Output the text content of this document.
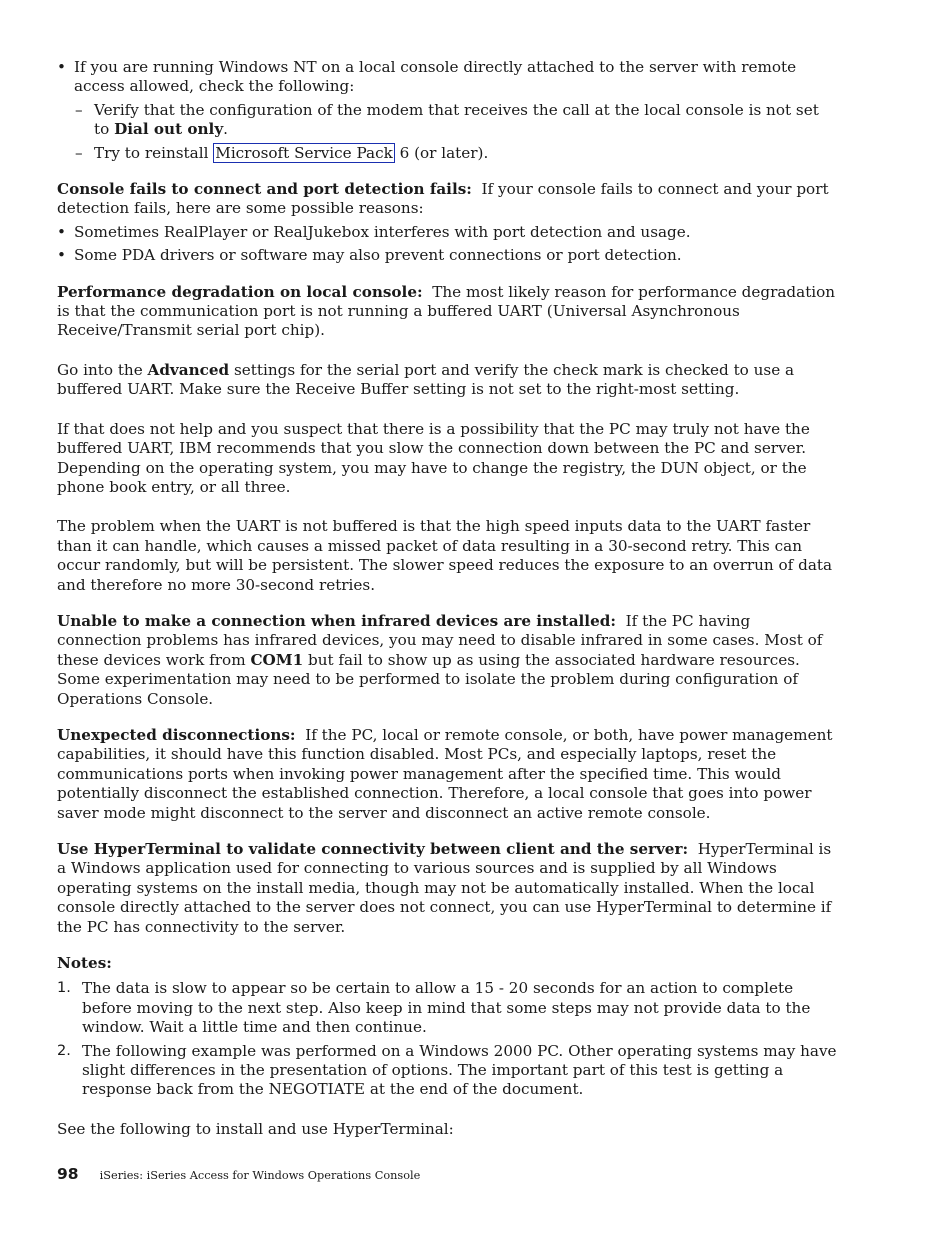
• If you are running Windows NT on a local console directly attached to the server with remote access allowed, check the following:
– Verify that the configuration of the modem that receives the call at the local console is not set to Dial out only.
– Try to reinstall Microsoft Service Pack 6 (or later).

Console fails to connect and port detection fails: If your console fails to connect and your port detection fails, here are some possible reasons:

• Sometimes RealPlayer or RealJukebox interferes with port detection and usage.
• Some PDA drivers or software may also prevent connections or port detection.

Performance degradation on local console: The most likely reason for performance degradation is that the communication port is not running a buffered UART (Universal Asynchronous Receive/Transmit serial port chip).

Go into the Advanced settings for the serial port and verify the check mark is checked to use a buffered UART. Make sure the Receive Buffer setting is not set to the right-most setting.

If that does not help and you suspect that there is a possibility that the PC may truly not have the buffered UART, IBM recommends that you slow the connection down between the PC and server. Depending on the operating system, you may have to change the registry, the DUN object, or the phone book entry, or all three.

The problem when the UART is not buffered is that the high speed inputs data to the UART faster than it can handle, which causes a missed packet of data resulting in a 30-second retry. This can occur randomly, but will be persistent. The slower speed reduces the exposure to an overrun of data and therefore no more 30-second retries.

Unable to make a connection when infrared devices are installed: If the PC having connection problems has infrared devices, you may need to disable infrared in some cases. Most of these devices work from COM1 but fail to show up as using the associated hardware resources. Some experimentation may need to be performed to isolate the problem during configuration of Operations Console.

Unexpected disconnections: If the PC, local or remote console, or both, have power management capabilities, it should have this function disabled. Most PCs, and especially laptops, reset the communications ports when invoking power management after the specified time. This would potentially disconnect the established connection. Therefore, a local console that goes into power saver mode might disconnect to the server and disconnect an active remote console.

Use HyperTerminal to validate connectivity between client and the server: HyperTerminal is a Windows application used for connecting to various sources and is supplied by all Windows operating systems on the install media, though may not be automatically installed. When the local console directly attached to the server does not connect, you can use HyperTerminal to determine if the PC has connectivity to the server.

Notes:

1. The data is slow to appear so be certain to allow a 15 - 20 seconds for an action to complete before moving to the next step. Also keep in mind that some steps may not provide data to the window. Wait a little time and then continue.
2. The following example was performed on a Windows 2000 PC. Other operating systems may have slight differences in the presentation of options. The important part of this test is getting a response back from the NEGOTIATE at the end of the document.

See the following to install and use HyperTerminal:

98 iSeries: iSeries Access for Windows Operations Console
